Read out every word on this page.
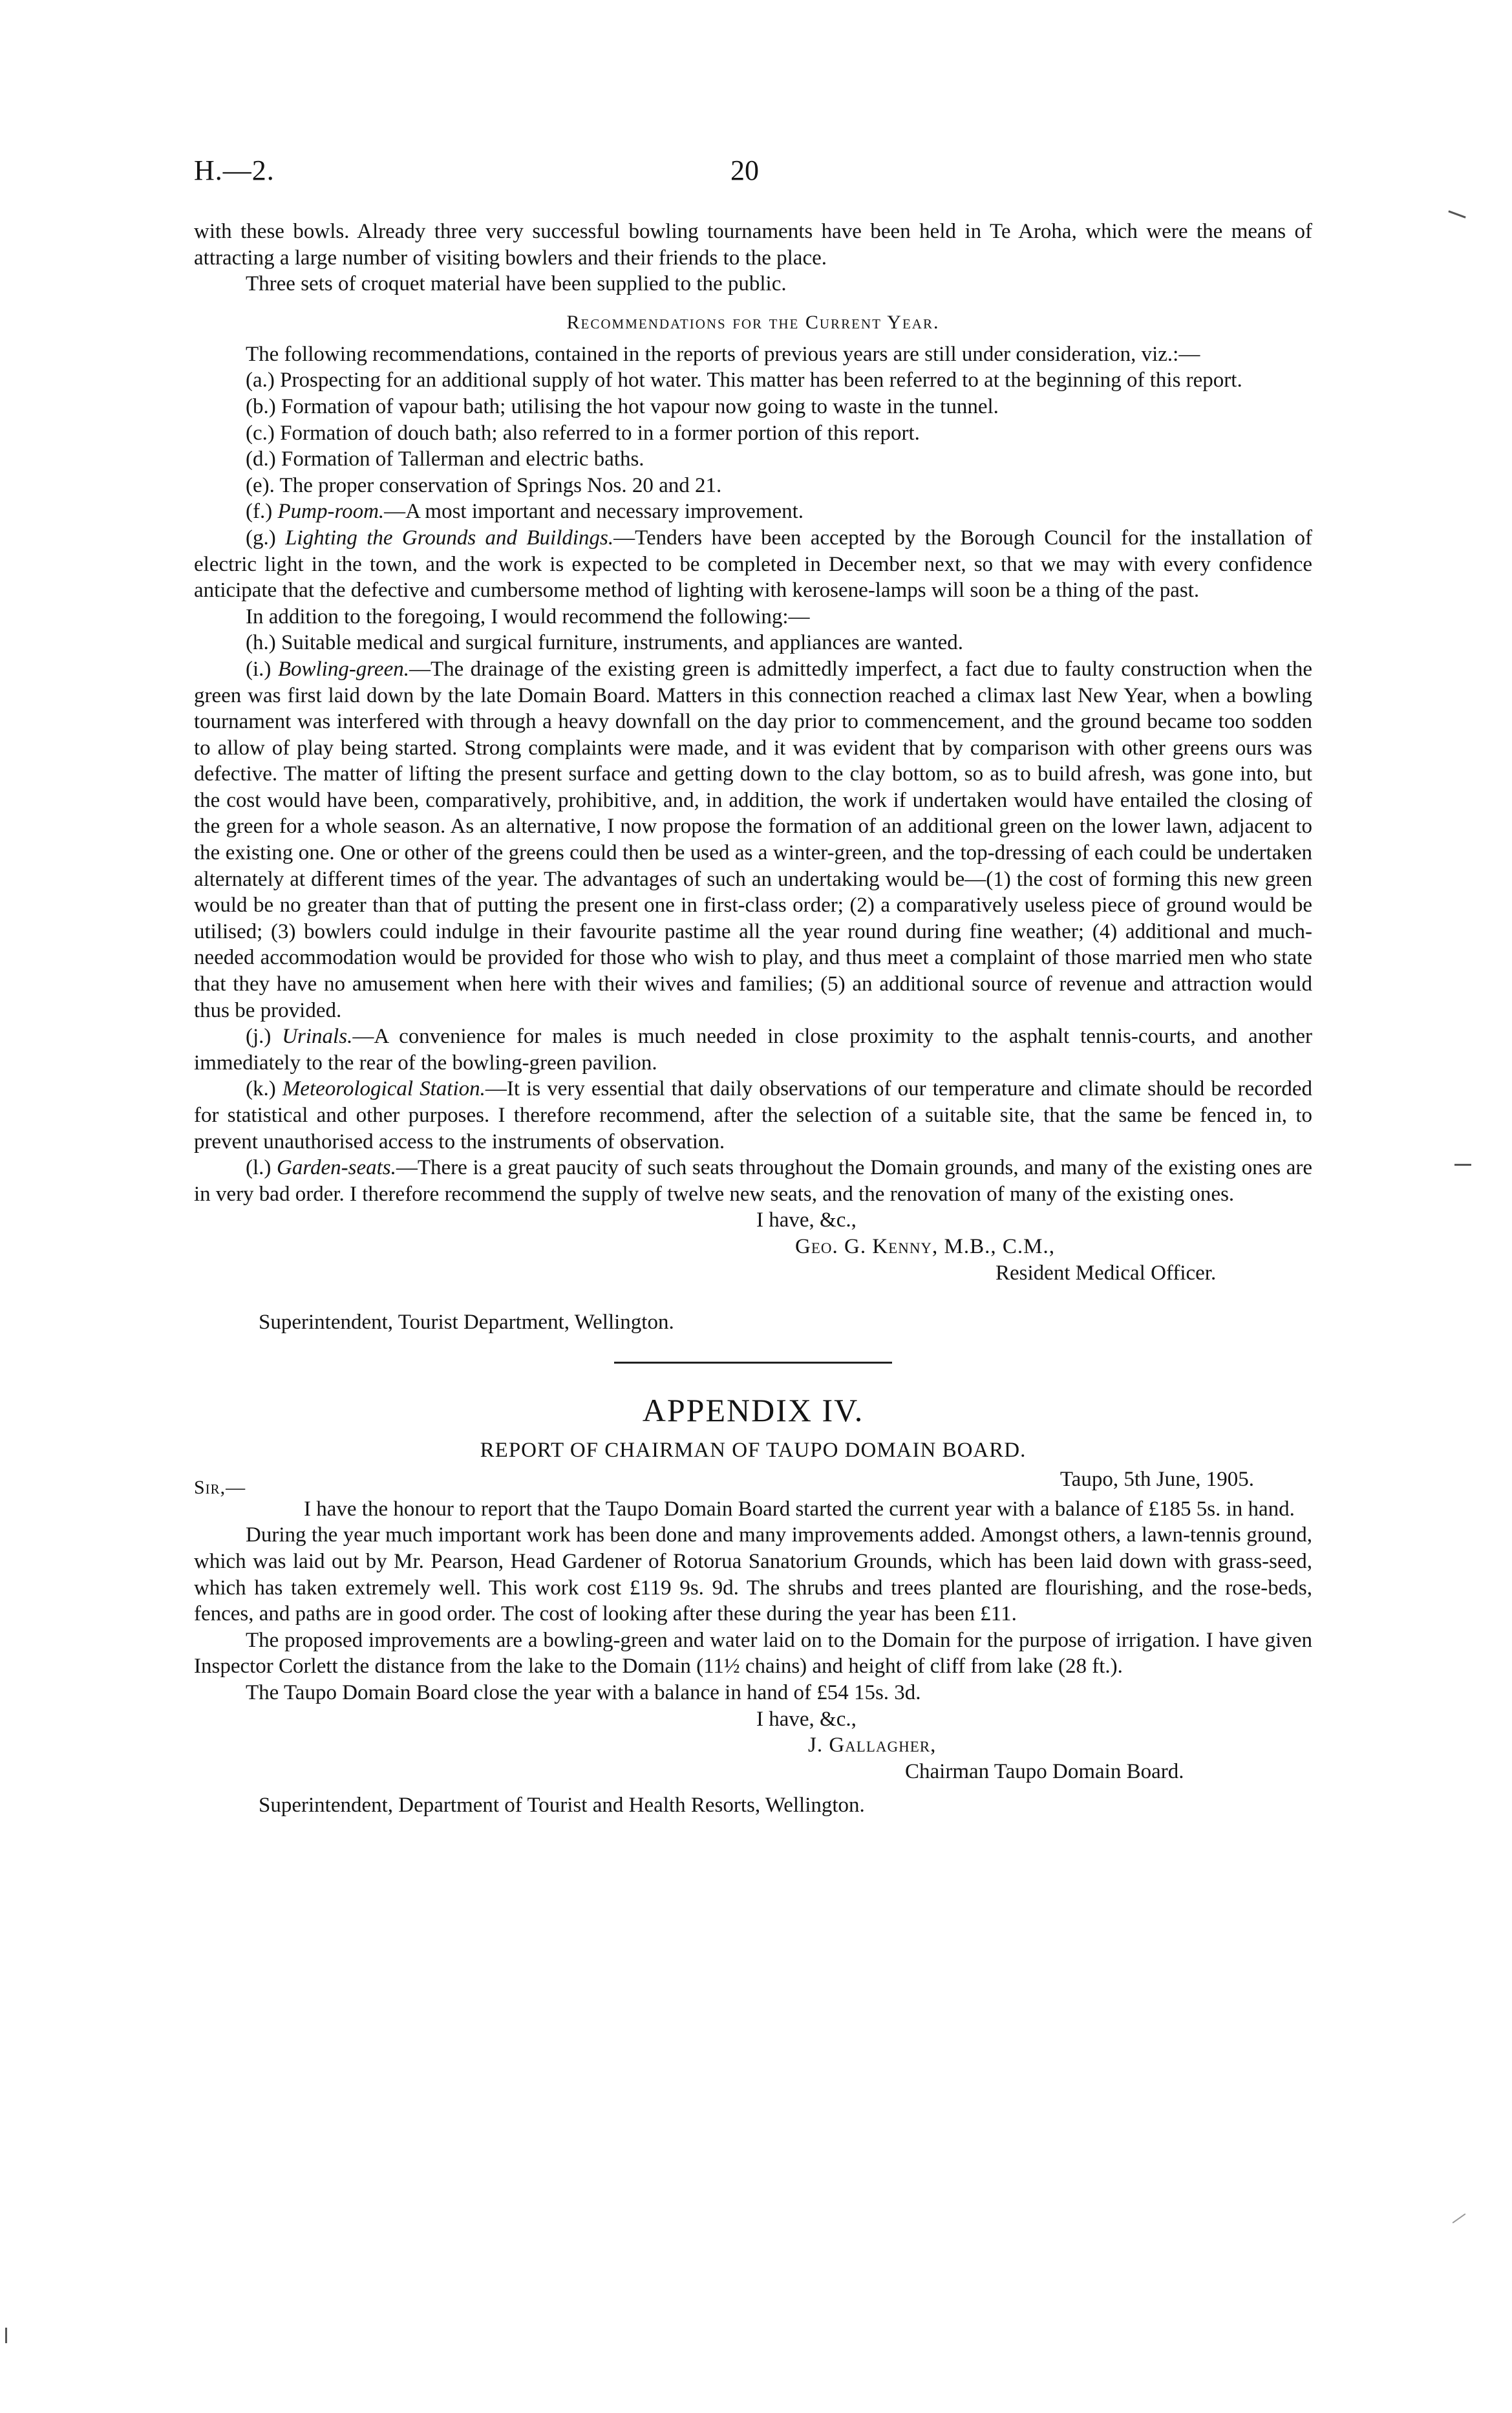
H.—2.	20

with these bowls. Already three very successful bowling tournaments have been held in Te Aroha, which were the means of attracting a large number of visiting bowlers and their friends to the place.

Three sets of croquet material have been supplied to the public.

Recommendations for the Current Year.

The following recommendations, contained in the reports of previous years are still under consideration, viz.:—

(a.) Prospecting for an additional supply of hot water. This matter has been referred to at the beginning of this report.

(b.) Formation of vapour bath; utilising the hot vapour now going to waste in the tunnel.

(c.) Formation of douch bath; also referred to in a former portion of this report.

(d.) Formation of Tallerman and electric baths.

(e). The proper conservation of Springs Nos. 20 and 21.

(f.) Pump-room.—A most important and necessary improvement.

(g.) Lighting the Grounds and Buildings.—Tenders have been accepted by the Borough Council for the installation of electric light in the town, and the work is expected to be completed in December next, so that we may with every confidence anticipate that the defective and cumbersome method of lighting with kerosene-lamps will soon be a thing of the past.

In addition to the foregoing, I would recommend the following:—

(h.) Suitable medical and surgical furniture, instruments, and appliances are wanted.

(i.) Bowling-green.—The drainage of the existing green is admittedly imperfect, a fact due to faulty construction when the green was first laid down by the late Domain Board. Matters in this connection reached a climax last New Year, when a bowling tournament was interfered with through a heavy downfall on the day prior to commencement, and the ground became too sodden to allow of play being started. Strong complaints were made, and it was evident that by comparison with other greens ours was defective. The matter of lifting the present surface and getting down to the clay bottom, so as to build afresh, was gone into, but the cost would have been, comparatively, prohibitive, and, in addition, the work if undertaken would have entailed the closing of the green for a whole season. As an alternative, I now propose the formation of an additional green on the lower lawn, adjacent to the existing one. One or other of the greens could then be used as a winter-green, and the top-dressing of each could be undertaken alternately at different times of the year. The advantages of such an undertaking would be—(1) the cost of forming this new green would be no greater than that of putting the present one in first-class order; (2) a comparatively useless piece of ground would be utilised; (3) bowlers could indulge in their favourite pastime all the year round during fine weather; (4) additional and much-needed accommodation would be provided for those who wish to play, and thus meet a complaint of those married men who state that they have no amusement when here with their wives and families; (5) an additional source of revenue and attraction would thus be provided.

(j.) Urinals.—A convenience for males is much needed in close proximity to the asphalt tennis-courts, and another immediately to the rear of the bowling-green pavilion.

(k.) Meteorological Station.—It is very essential that daily observations of our temperature and climate should be recorded for statistical and other purposes. I therefore recommend, after the selection of a suitable site, that the same be fenced in, to prevent unauthorised access to the instruments of observation.

(l.) Garden-seats.—There is a great paucity of such seats throughout the Domain grounds, and many of the existing ones are in very bad order. I therefore recommend the supply of twelve new seats, and the renovation of many of the existing ones.

I have, &c.,

Geo. G. Kenny, M.B., C.M.,

Resident Medical Officer.

Superintendent, Tourist Department, Wellington.

APPENDIX IV.
REPORT OF CHAIRMAN OF TAUPO DOMAIN BOARD.
Sir,—	Taupo, 5th June, 1905.

I have the honour to report that the Taupo Domain Board started the current year with a balance of £185 5s. in hand.

During the year much important work has been done and many improvements added. Amongst others, a lawn-tennis ground, which was laid out by Mr. Pearson, Head Gardener of Rotorua Sanatorium Grounds, which has been laid down with grass-seed, which has taken extremely well. This work cost £119 9s. 9d. The shrubs and trees planted are flourishing, and the rose-beds, fences, and paths are in good order. The cost of looking after these during the year has been £11.

The proposed improvements are a bowling-green and water laid on to the Domain for the purpose of irrigation. I have given Inspector Corlett the distance from the lake to the Domain (11½ chains) and height of cliff from lake (28 ft.).

The Taupo Domain Board close the year with a balance in hand of £54 15s. 3d.

I have, &c.,

J. Gallagher,

Chairman Taupo Domain Board.

Superintendent, Department of Tourist and Health Resorts, Wellington.
